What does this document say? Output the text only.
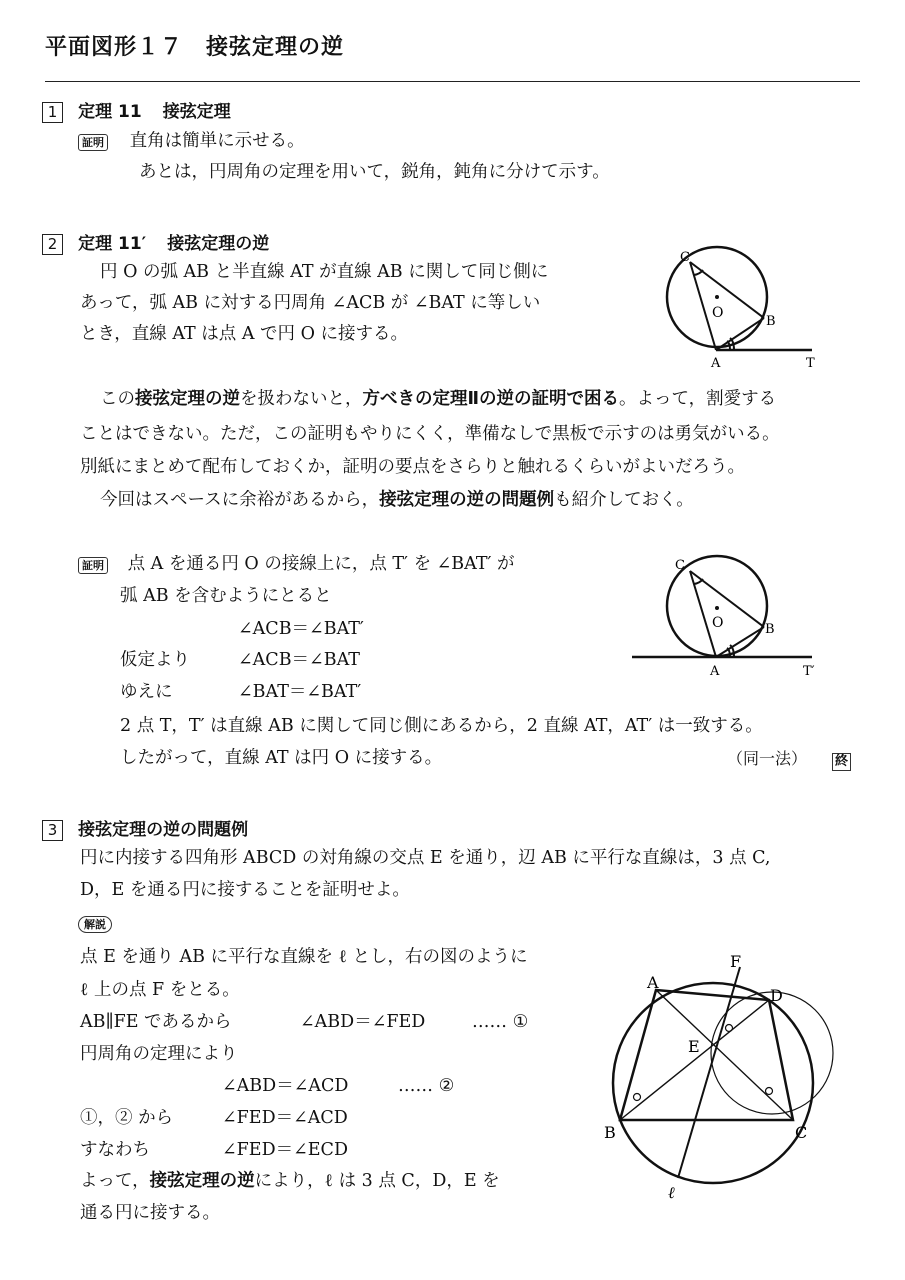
平面図形１７　接弦定理の逆
1 定理 11 接弦定理
証明 直角は簡単に示せる。
あとは，円周角の定理を用いて，鋭角，鈍角に分けて示す。
2 定理 11′ 接弦定理の逆
円 O の弧 AB と半直線 AT が直線 AB に関して同じ側に
あって，弧 AB に対する円周角 ∠ACB が ∠BAT に等しい
とき，直線 AT は点 A で円 O に接する。
C
O
B
A	T
この接弦定理の逆を扱わないと，方べきの定理Ⅱの逆の証明で困る。よって，割愛する
ことはできない。ただ，この証明もやりにくく，準備なしで黒板で示すのは勇気がいる。
別紙にまとめて配布しておくか，証明の要点をさらりと触れるくらいがよいだろう。
今回はスペースに余裕があるから，接弦定理の逆の問題例も紹介しておく。
証明 点 A を通る円 O の接線上に，点 T′ を ∠BAT′ が
弧 AB を含むようにとると
∠ACB＝∠BAT′
仮定より	∠ACB＝∠BAT
ゆえに	∠BAT＝∠BAT′
2 点 T，T′ は直線 AB に関して同じ側にあるから，2 直線 AT，AT′ は一致する。
したがって，直線 AT は円 O に接する。	（同一法） 終
C
O	B
A	T′
3 接弦定理の逆の問題例
円に内接する四角形 ABCD の対角線の交点 E を通り，辺 AB に平行な直線は，3 点 C,
D，E を通る円に接することを証明せよ。
解説
点 E を通り AB に平行な直線を ℓ とし，右の図のように
ℓ 上の点 F をとる。
AB∥FE であるから	∠ABD＝∠FED	…… ①
円周角の定理により
∠ABD＝∠ACD	…… ②
①，② から	∠FED＝∠ACD
すなわち	∠FED＝∠ECD
よって，接弦定理の逆により，ℓ は 3 点 C，D，E を
通る円に接する。
F
A
D
E
B	C
ℓ
